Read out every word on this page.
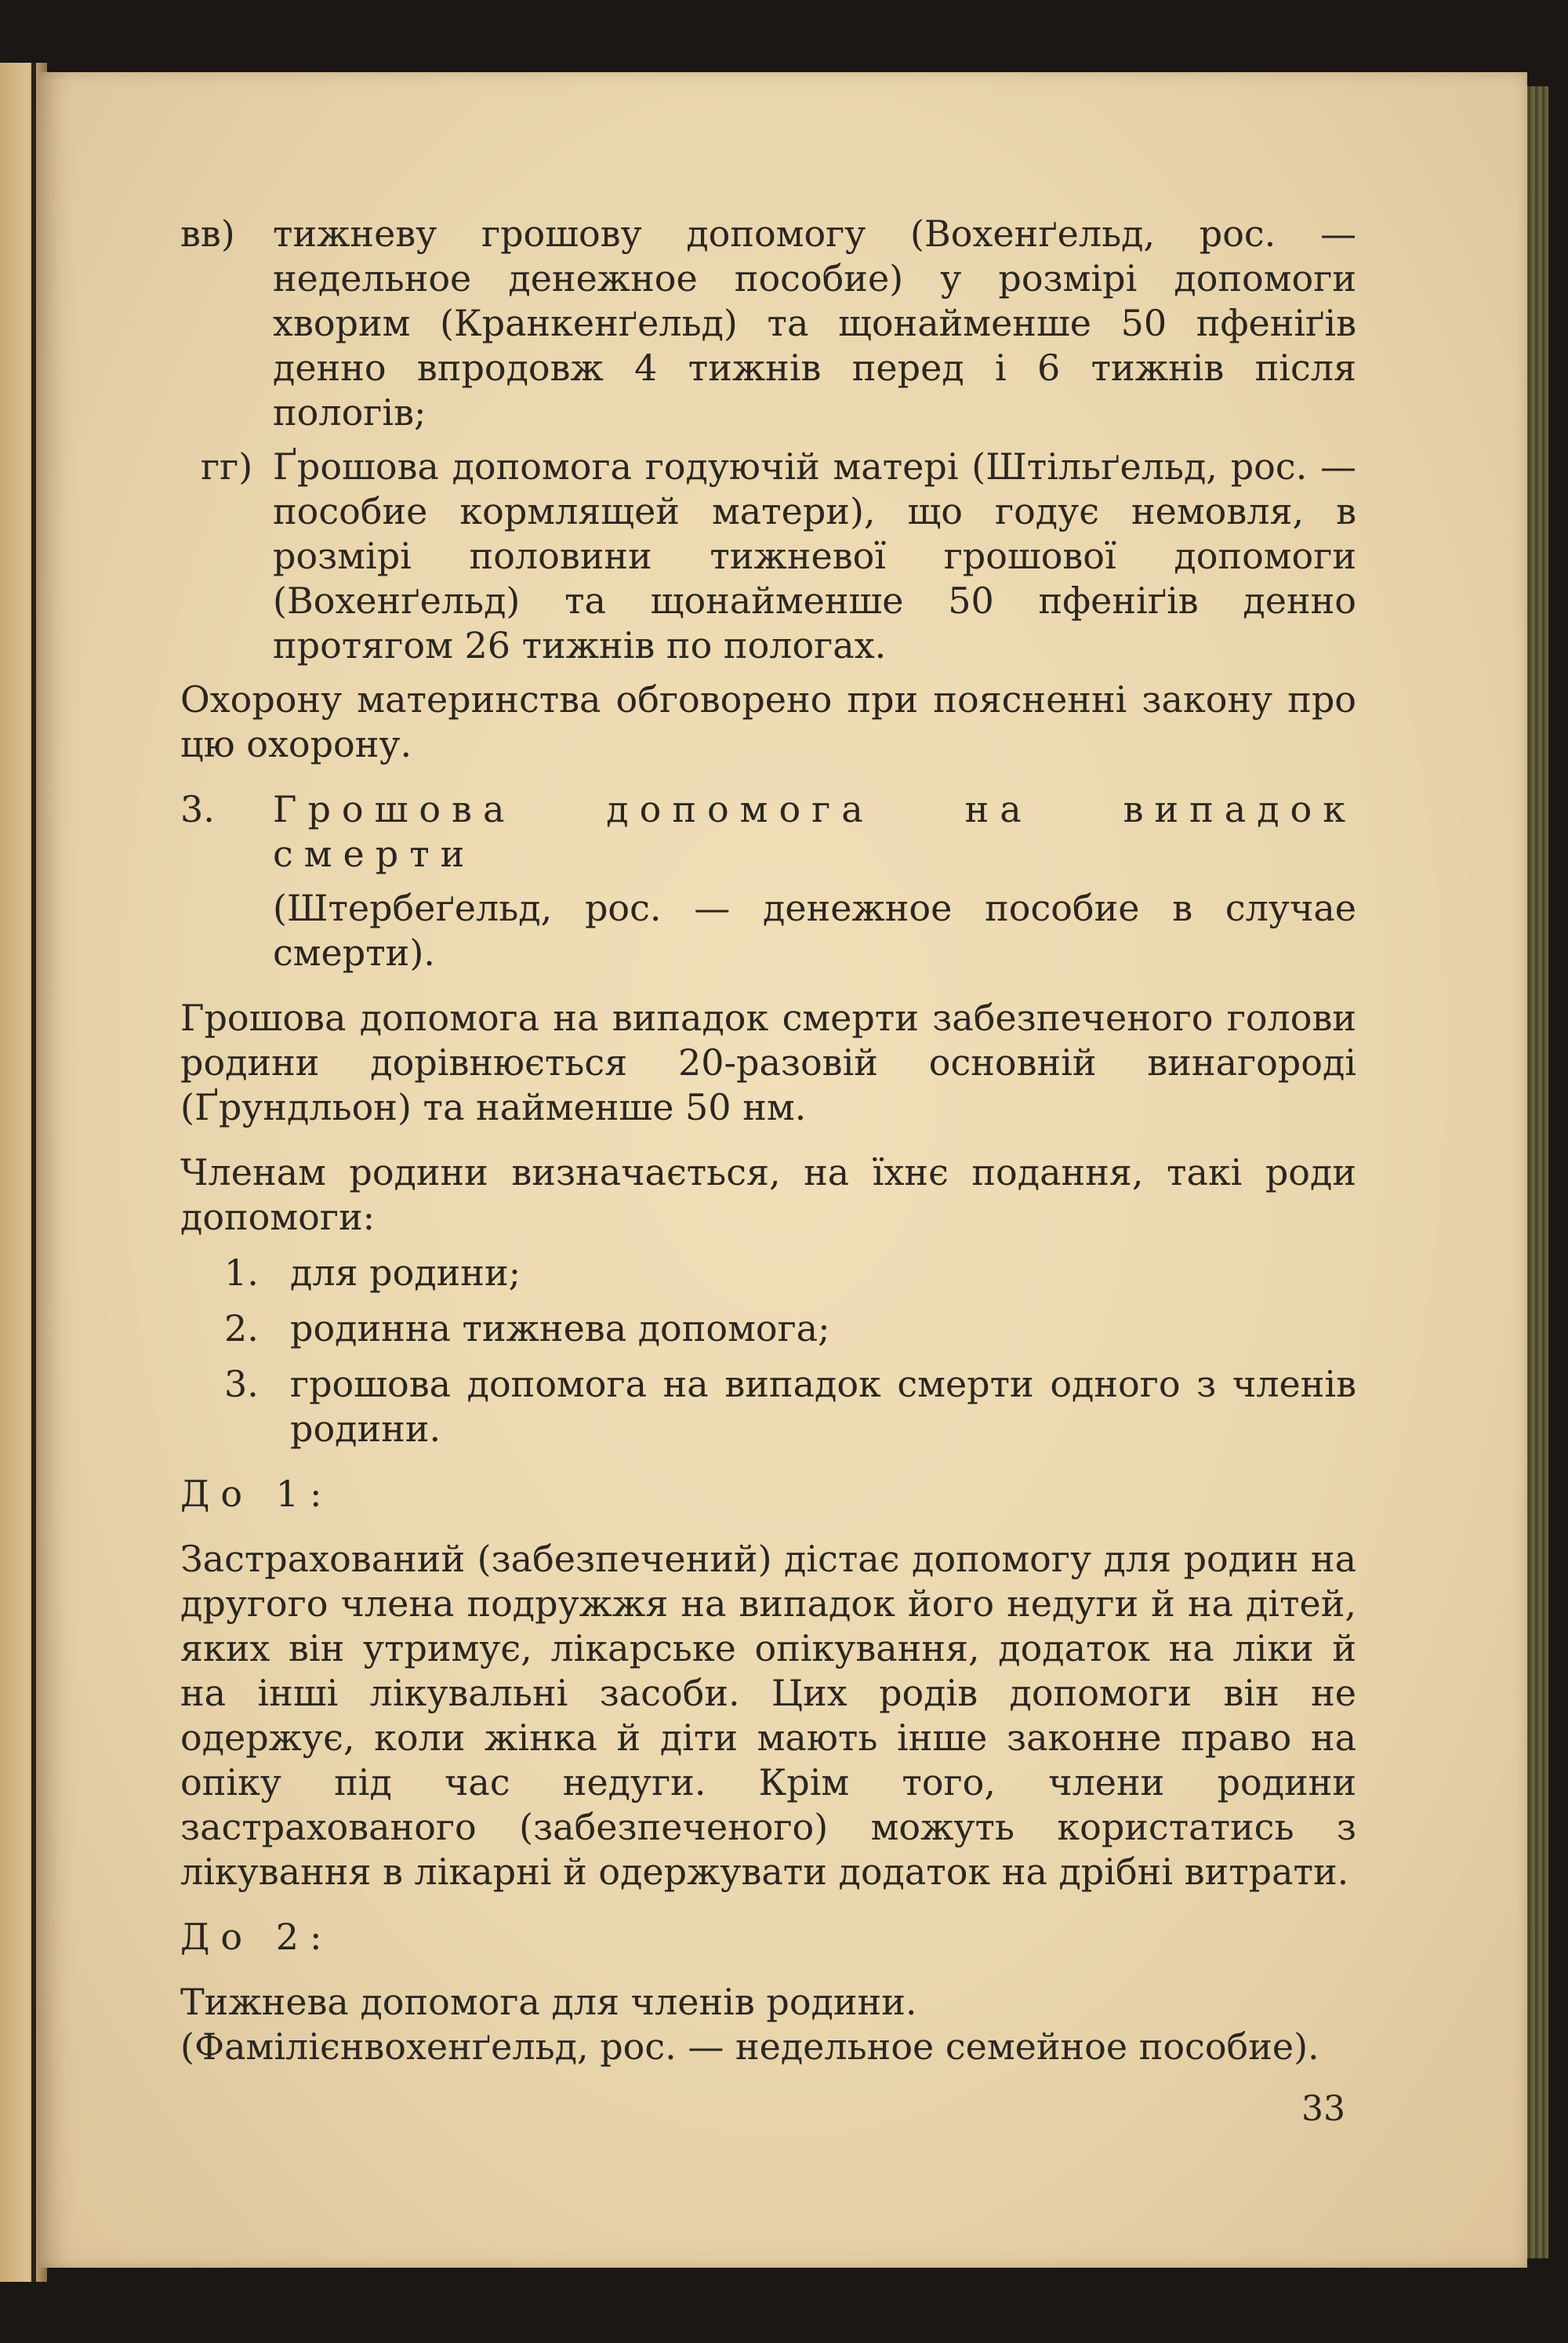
вв) тижневу грошову допомогу (Вохенґельд, рос. — недельное денежное пособие) у розмірі допомоги хворим (Кранкенґельд) та щонайменше 50 пфеніґів денно впродовж 4 тижнів перед і 6 тижнів після пологів;
гг) Ґрошова допомога годуючій матері (Штільґельд, рос. — пособие кормлящей матери), що годує немовля, в розмірі половини тижневої грошової допомоги (Вохенґельд) та щонайменше 50 пфеніґів денно протягом 26 тижнів по пологах.
Охорону материнства обговорено при поясненні закону про цю охорону.
3. Грошова допомога на випадок смерти
(Штербеґельд, рос. — денежное пособие в случае смерти).
Грошова допомога на випадок смерти забезпеченого голови родини дорівнюється 20-разовій основній винагороді (Ґрундльон) та найменше 50 нм.
Членам родини визначається, на їхнє подання, такі роди допомоги:
1. для родини;
2. родинна тижнева допомога;
3. грошова допомога на випадок смерти одного з членів родини.
До 1:
Застрахований (забезпечений) дістає допомогу для родин на другого члена подружжя на випадок його недуги й на дітей, яких він утримує, лікарське опікування, додаток на ліки й на інші лікувальні засоби. Цих родів допомоги він не одержує, коли жінка й діти мають інше законне право на опіку під час недуги. Крім того, члени родини застрахованого (забезпеченого) можуть користатись з лікування в лікарні й одержувати додаток на дрібні витрати.
До 2:
Тижнева допомога для членів родини.
(Фамілієнвохенґельд, рос. — недельное семейное пособие).
33
